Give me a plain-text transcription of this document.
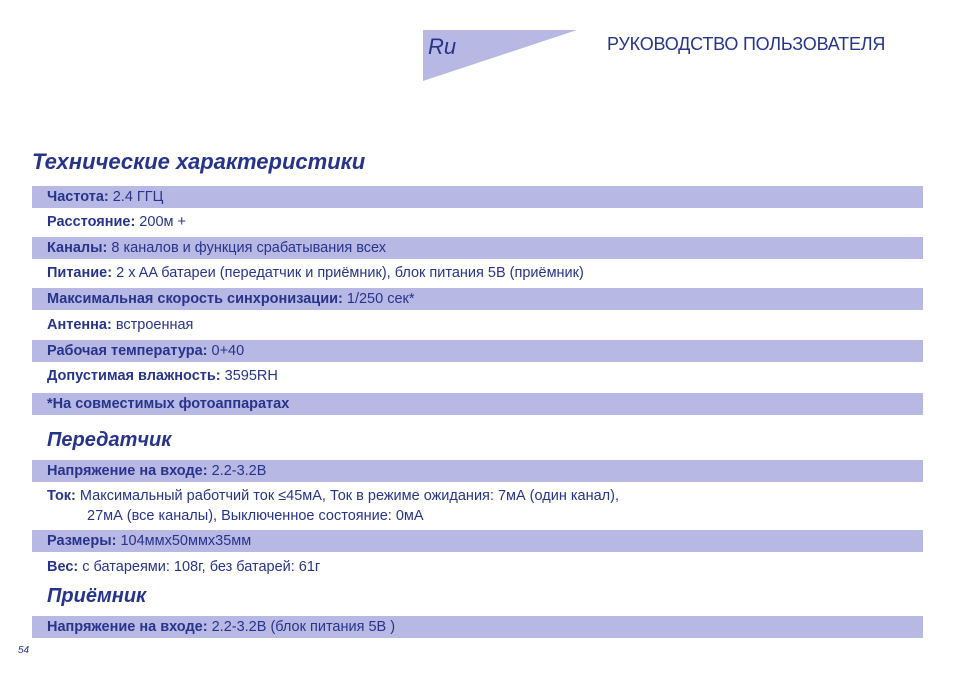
Ru	РУКОВОДСТВО ПОЛЬЗОВАТЕЛЯ
Технические характеристики
Частота: 2.4 ГГЦ
Расстояние: 200м +
Каналы: 8 каналов и функция срабатывания всех
Питание: 2 x AA батареи (передатчик и приёмник), блок питания 5В (приёмник)
Максимальная скорость синхронизации: 1/250 сек*
Антенна: встроенная
Рабочая температура: 0+40
Допустимая влажность: 3595RH
*На совместимых фотоаппаратах
Передатчик
Напряжение на входе: 2.2-3.2В
Ток: Максимальный работчий ток ≤45мА, Ток в режиме ожидания: 7мА (один канал),
27мА (все каналы), Выключенное состояние: 0мА
Размеры: 104ммх50ммх35мм
Вес: с батареями: 108г, без батарей: 61г
Приёмник
Напряжение на входе: 2.2-3.2В (блок питания 5В )
54
